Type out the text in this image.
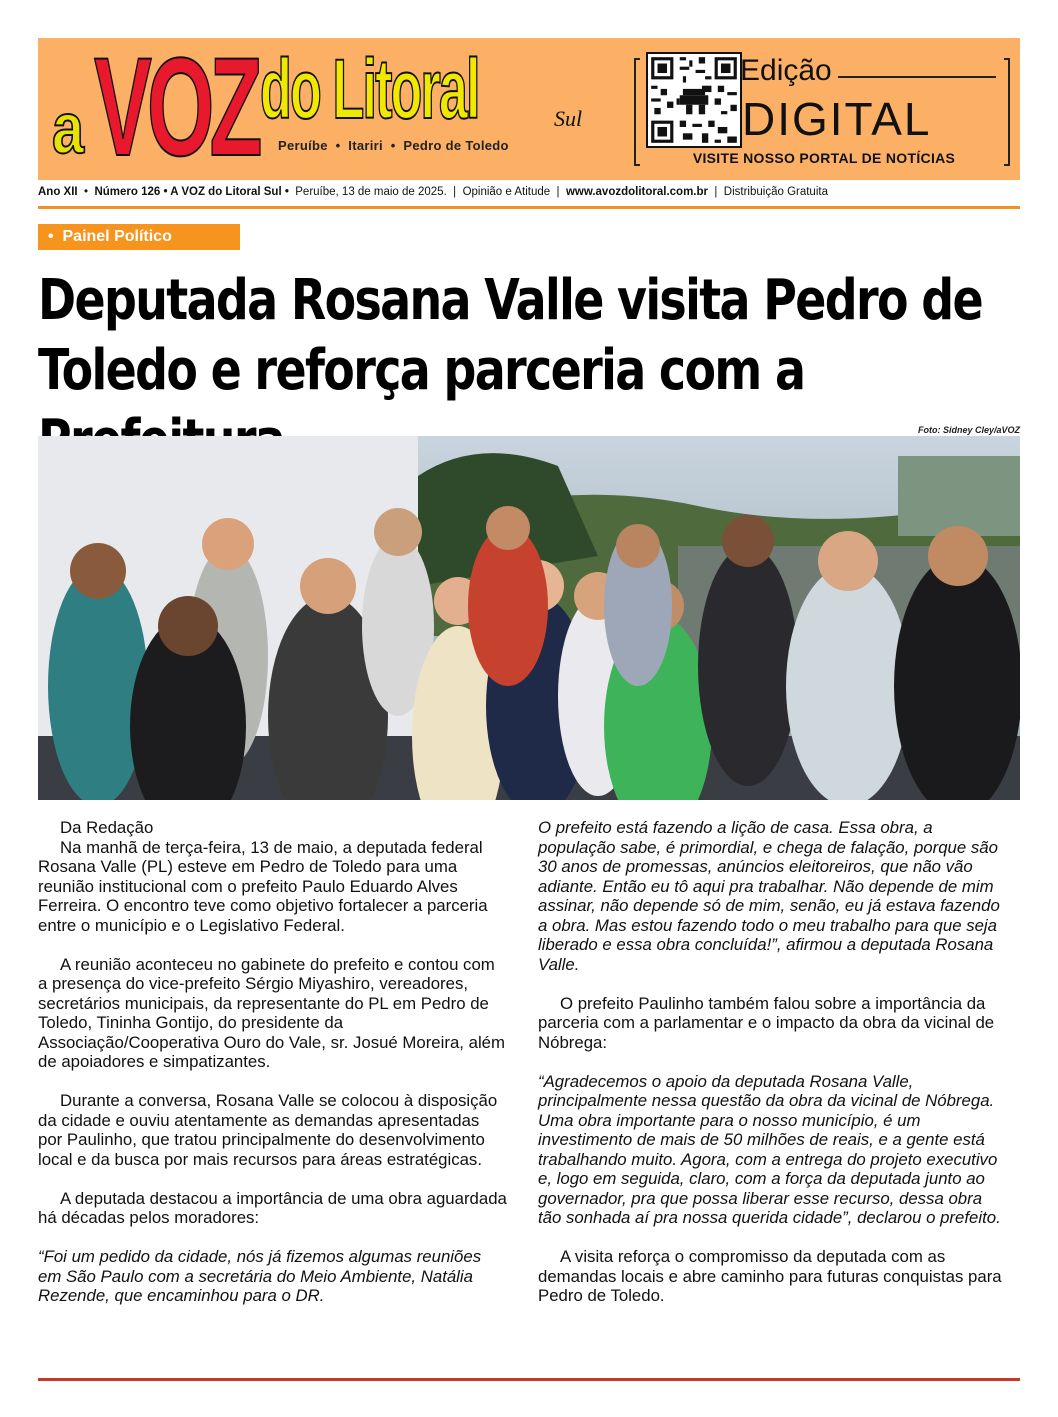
VOZ
a do Litoral	Sul
Peruíbe  •  Itariri  •  Pedro de Toledo
Edição
DIGITAL
VISITE NOSSO PORTAL DE NOTÍCIAS
Ano XII  •  Número 126 • A VOZ do Litoral Sul • Peruíbe, 13 de maio de 2025.  |  Opinião e Atitude  |  www.avozdolitoral.com.br  |  Distribuição Gratuita
•  Painel Político
Deputada Rosana Valle visita Pedro de
Toledo e reforça parceria com a
Foto: Sidney Cley/aVOZ

Da Redação

Na manhã de terça-feira, 13 de maio, a deputada federal Rosana Valle (PL) esteve em Pedro de Toledo para uma reunião institucional com o prefeito Paulo Eduardo Alves Ferreira. O encontro teve como objetivo fortalecer a parceria entre o município e o Legislativo Federal.

A reunião aconteceu no gabinete do prefeito e contou com a presença do vice-prefeito Sérgio Miyashiro, vereadores, secretários municipais, da representante do PL em Pedro de Toledo, Tininha Gontijo, do presidente da Associação/Cooperativa Ouro do Vale, sr. Josué Moreira, além de apoiadores e simpatizantes.

Durante a conversa, Rosana Valle se colocou à disposição da cidade e ouviu atentamente as demandas apresentadas por Paulinho, que tratou principalmente do desenvolvimento local e da busca por mais recursos para áreas estratégicas.

A deputada destacou a importância de uma obra aguardada há décadas pelos moradores:

“Foi um pedido da cidade, nós já fizemos algumas reuniões em São Paulo com a secretária do Meio Ambiente, Natália Rezende, que encaminhou para o DR.

O prefeito está fazendo a lição de casa. Essa obra, a população sabe, é primordial, e chega de falação, porque são 30 anos de promessas, anúncios eleitoreiros, que não vão adiante. Então eu tô aqui pra trabalhar. Não depende de mim assinar, não depende só de mim, senão, eu já estava fazendo a obra. Mas estou fazendo todo o meu trabalho para que seja liberado e essa obra concluída!”, afirmou a deputada Rosana Valle.

O prefeito Paulinho também falou sobre a importância da parceria com a parlamentar e o impacto da obra da vicinal de Nóbrega:

“Agradecemos o apoio da deputada Rosana Valle, principalmente nessa questão da obra da vicinal de Nóbrega. Uma obra importante para o nosso município, é um investimento de mais de 50 milhões de reais, e a gente está trabalhando muito. Agora, com a entrega do projeto executivo e, logo em seguida, claro, com a força da deputada junto ao governador, pra que possa liberar esse recurso, dessa obra tão sonhada aí pra nossa querida cidade”, declarou o prefeito.

A visita reforça o compromisso da deputada com as demandas locais e abre caminho para futuras conquistas para Pedro de Toledo.
